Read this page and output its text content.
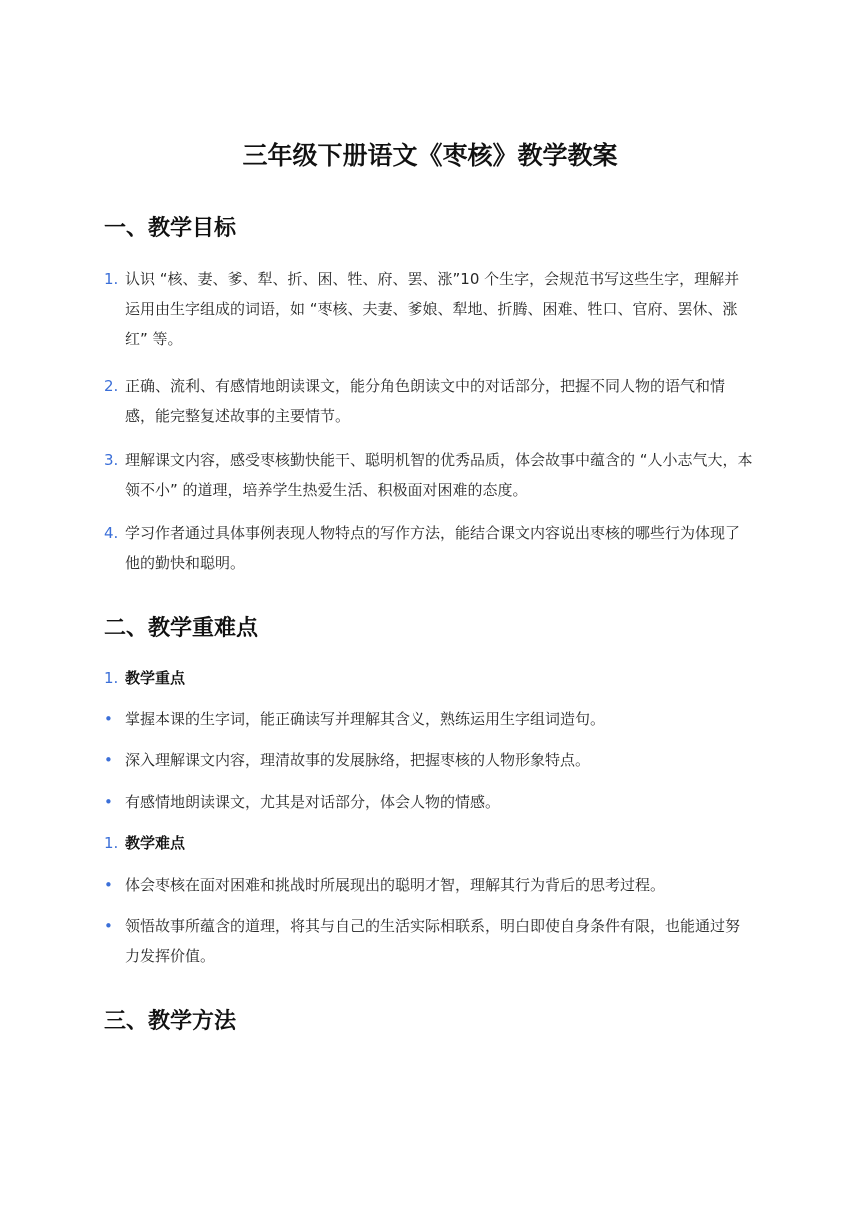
三年级下册语文《枣核》教学教案
一、教学目标
1. 认识 “核、妻、爹、犁、折、困、牲、府、罢、涨”10 个生字，会规范书写这些生字，理解并运用由生字组成的词语，如 “枣核、夫妻、爹娘、犁地、折腾、困难、牲口、官府、罢休、涨红” 等。
2. 正确、流利、有感情地朗读课文，能分角色朗读文中的对话部分，把握不同人物的语气和情感，能完整复述故事的主要情节。
3. 理解课文内容，感受枣核勤快能干、聪明机智的优秀品质，体会故事中蕴含的 “人小志气大，本领不小” 的道理，培养学生热爱生活、积极面对困难的态度。
4. 学习作者通过具体事例表现人物特点的写作方法，能结合课文内容说出枣核的哪些行为体现了他的勤快和聪明。
二、教学重难点
1. 教学重点
• 掌握本课的生字词，能正确读写并理解其含义，熟练运用生字组词造句。
• 深入理解课文内容，理清故事的发展脉络，把握枣核的人物形象特点。
• 有感情地朗读课文，尤其是对话部分，体会人物的情感。
1. 教学难点
• 体会枣核在面对困难和挑战时所展现出的聪明才智，理解其行为背后的思考过程。
• 领悟故事所蕴含的道理，将其与自己的生活实际相联系，明白即使自身条件有限，也能通过努力发挥价值。
三、教学方法
